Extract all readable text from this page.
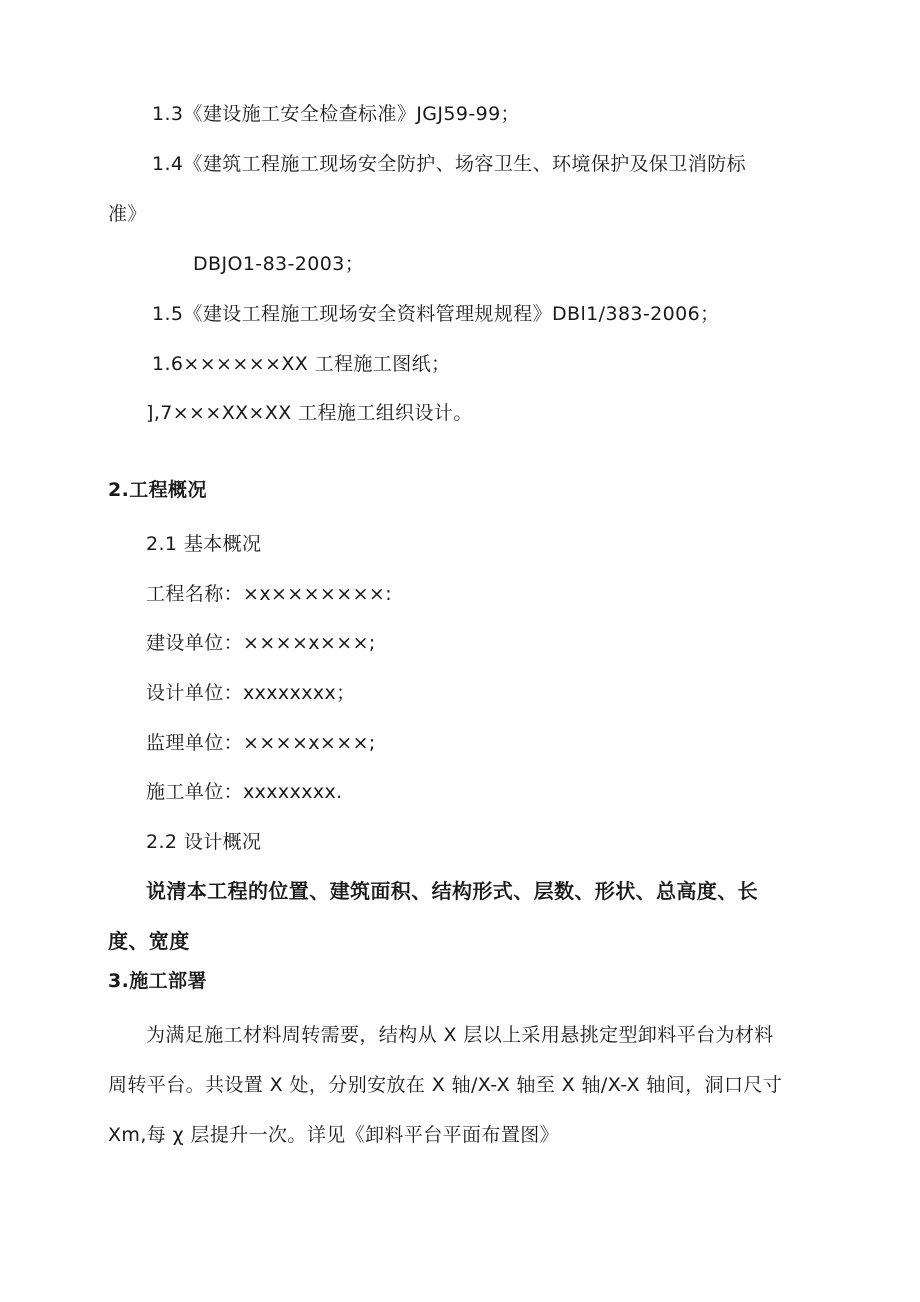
1.3《建设施工安全检查标准》JGJ59-99；
1.4《建筑工程施工现场安全防护、场容卫生、环境保护及保卫消防标
准》
DBJO1-83-2003；
1.5《建设工程施工现场安全资料管理规规程》DBl1/383-2006；
1.6××××××XX 工程施工图纸；
],7×××XX×XX 工程施工组织设计。
2.工程概况
2.1 基本概况
工程名称：×x×××××××:
建设单位：××××x×××;
设计单位：xxxxxxxx；
监理单位：××××x×××;
施工单位：xxxxxxxx.
2.2 设计概况
说清本工程的位置、建筑面积、结构形式、层数、形状、总高度、长
度、宽度
3.施工部署
为满足施工材料周转需要，结构从 X 层以上采用悬挑定型卸料平台为材料
周转平台。共设置 X 处，分别安放在 X 轴/X-X 轴至 X 轴/X-X 轴间，洞口尺寸
Xm,每 χ 层提升一次。详见《卸料平台平面布置图》
